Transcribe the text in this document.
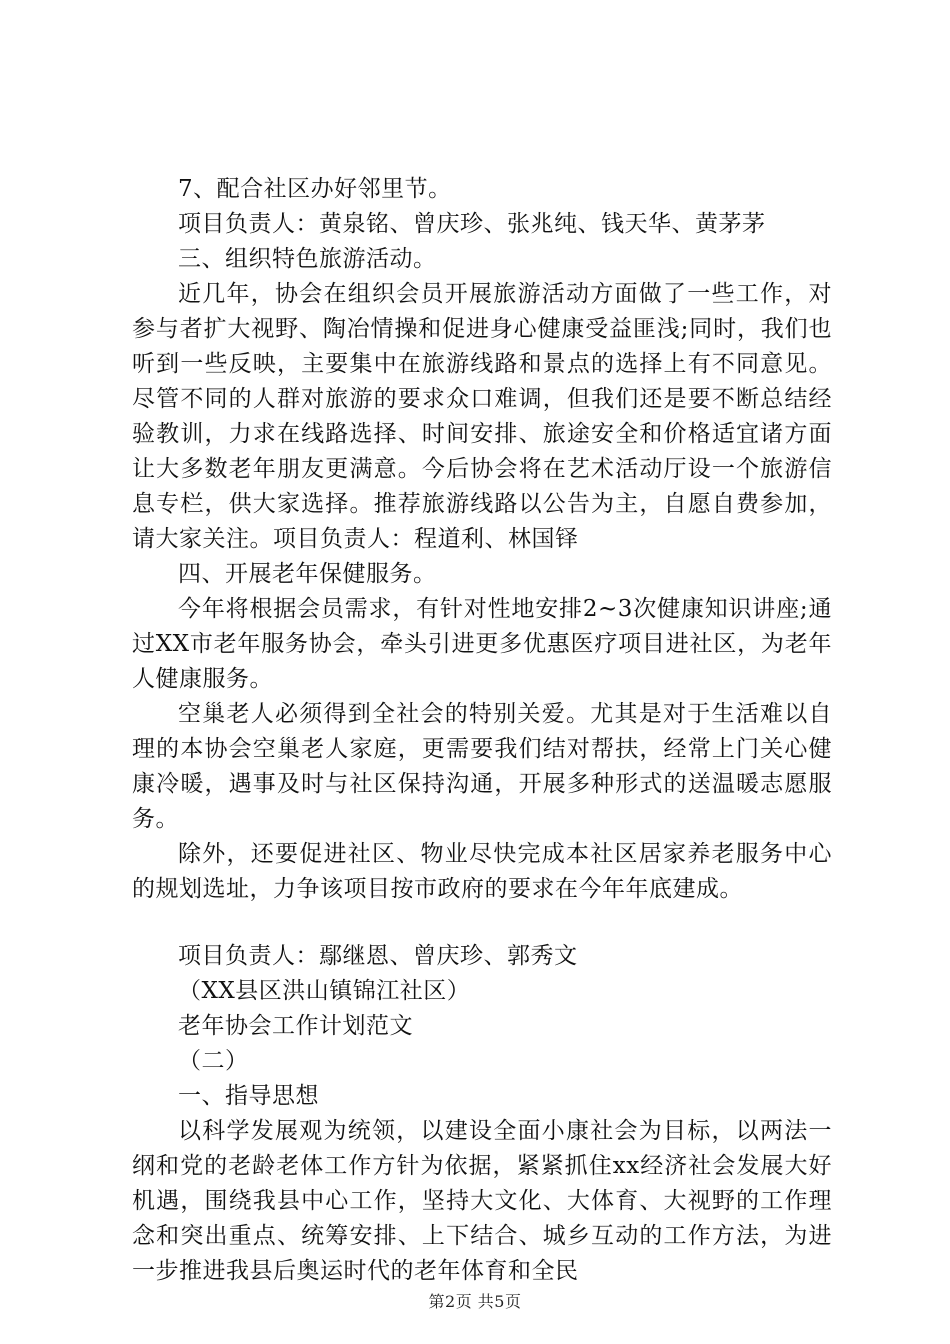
7、配合社区办好邻里节。

项目负责人：黄泉铭、曾庆珍、张兆纯、钱天华、黄茅茅

三、组织特色旅游活动。

近几年，协会在组织会员开展旅游活动方面做了一些工作，对参与者扩大视野、陶冶情操和促进身心健康受益匪浅;同时，我们也听到一些反映，主要集中在旅游线路和景点的选择上有不同意见。尽管不同的人群对旅游的要求众口难调，但我们还是要不断总结经验教训，力求在线路选择、时间安排、旅途安全和价格适宜诸方面让大多数老年朋友更满意。今后协会将在艺术活动厅设一个旅游信息专栏，供大家选择。推荐旅游线路以公告为主，自愿自费参加，请大家关注。项目负责人：程道利、林国铎

四、开展老年保健服务。

今年将根据会员需求，有针对性地安排2~3次健康知识讲座;通过XX市老年服务协会，牵头引进更多优惠医疗项目进社区，为老年人健康服务。

空巢老人必须得到全社会的特别关爱。尤其是对于生活难以自理的本协会空巢老人家庭，更需要我们结对帮扶，经常上门关心健康冷暖，遇事及时与社区保持沟通，开展多种形式的送温暖志愿服务。

除外，还要促进社区、物业尽快完成本社区居家养老服务中心的规划选址，力争该项目按市政府的要求在今年年底建成。

项目负责人：鄢继恩、曾庆珍、郭秀文

（XX县区洪山镇锦江社区）

老年协会工作计划范文

（二）

一、指导思想

以科学发展观为统领，以建设全面小康社会为目标，以两法一纲和党的老龄老体工作方针为依据，紧紧抓住xx经济社会发展大好机遇，围绕我县中心工作，坚持大文化、大体育、大视野的工作理念和突出重点、统筹安排、上下结合、城乡互动的工作方法，为进一步推进我县后奥运时代的老年体育和全民

第2页 共5页
